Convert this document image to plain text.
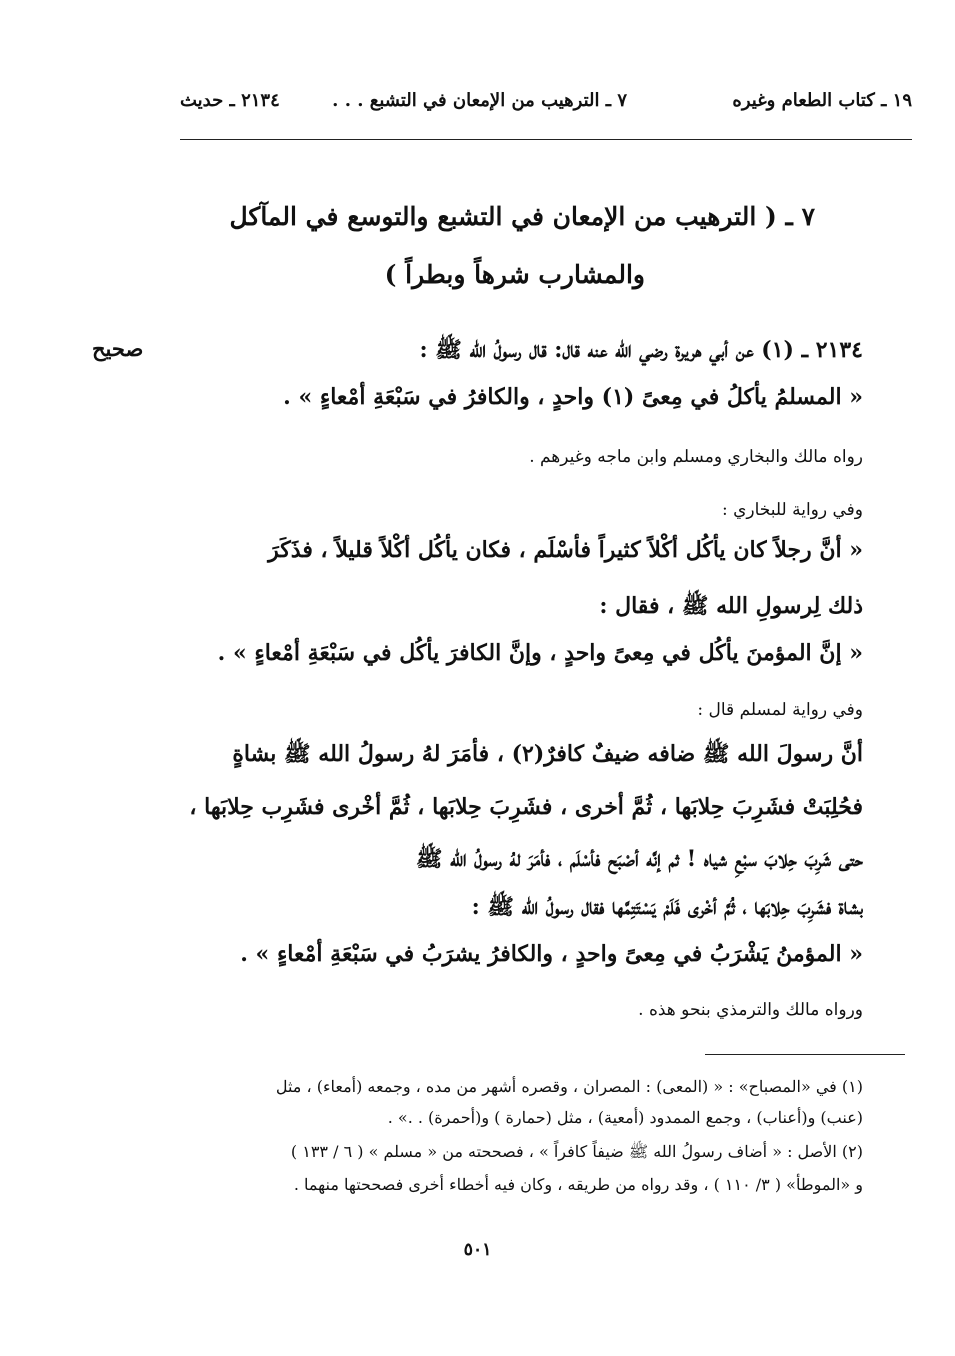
١٩ ـ كتاب الطعام وغيره
٧ ـ الترهيب من الإمعان في التشبع . . .
٢١٣٤ ـ حديث
٧ ـ ( الترهيب من الإمعان في التشبع والتوسع في المآكل
والمشارب شرهاً وبطراً )
صحيح	٢١٣٤ ـ (١) عن أبي هريرة رضي الله عنه قال: قال رسولُ الله ﷺ :
« المسلمُ يأكلُ في مِعىً (١) واحدٍ ، والكافرُ في سَبْعَةِ أمْعاءٍ » .
رواه مالك والبخاري ومسلم وابن ماجه وغيرهم .
وفي رواية للبخاري :
« أنَّ رجلاً كان يأكُل أكْلاً كثيراً فأسْلَم ، فكان يأكُل أكْلاً قليلاً ، فذَكَرَ
ذلك لِرسولِ الله ﷺ ، فقال :
« إنَّ المؤمنَ يأكُل في مِعىً واحدٍ ، وإنَّ الكافرَ يأكُل في سَبْعَةِ أمْعاءٍ » .
وفي رواية لمسلم قال :
أنَّ رسولَ الله ﷺ ضافه ضيفٌ كافرٌ(٢) ، فأمَرَ لهُ رسولُ الله ﷺ بشاةٍ
فحُلِبَتْ فشَرِبَ حِلابَها ، ثُمَّ أخرى ، فشَرِبَ حِلابَها ، ثُمَّ أخْرى فشَرِب حِلابَها ،
حتى شَرِبَ حِلابَ سبْعِ شياه ! ثم إنَّه أصْبَح فأسْلَم ، فأمَرَ لهُ رسولُ الله ﷺ
بشاة فشَرِبَ حِلابَها ، ثُمَّ أخْرى فَلَمْ يَسْتَتِمَّها فقال رسولُ الله ﷺ :
« المؤمنُ يَشْرَبُ في مِعىً واحدٍ ، والكافرُ يشرَبُ في سَبْعَةِ أمْعاءٍ » .
ورواه مالك والترمذي بنحو هذه .
(١) في «المصباح» : « (المعى) : المصران ، وقصره أشهر من مده ، وجمعه (أمعاء) ، مثل
(عنب) و(أعناب) ، وجمع الممدود (أمعية) ، مثل (حمارة ) و(أحمرة) . .» .
(٢) الأصل : « أضاف رسولُ الله ﷺ ضيفاً كافراً » ، فصححته من « مسلم » ( ٦ / ١٣٣ )
و «الموطأ» ( ٣/ ١١٠ ) ، وقد رواه من طريقه ، وكان فيه أخطاء أخرى فصححتها منهما .
٥٠١
